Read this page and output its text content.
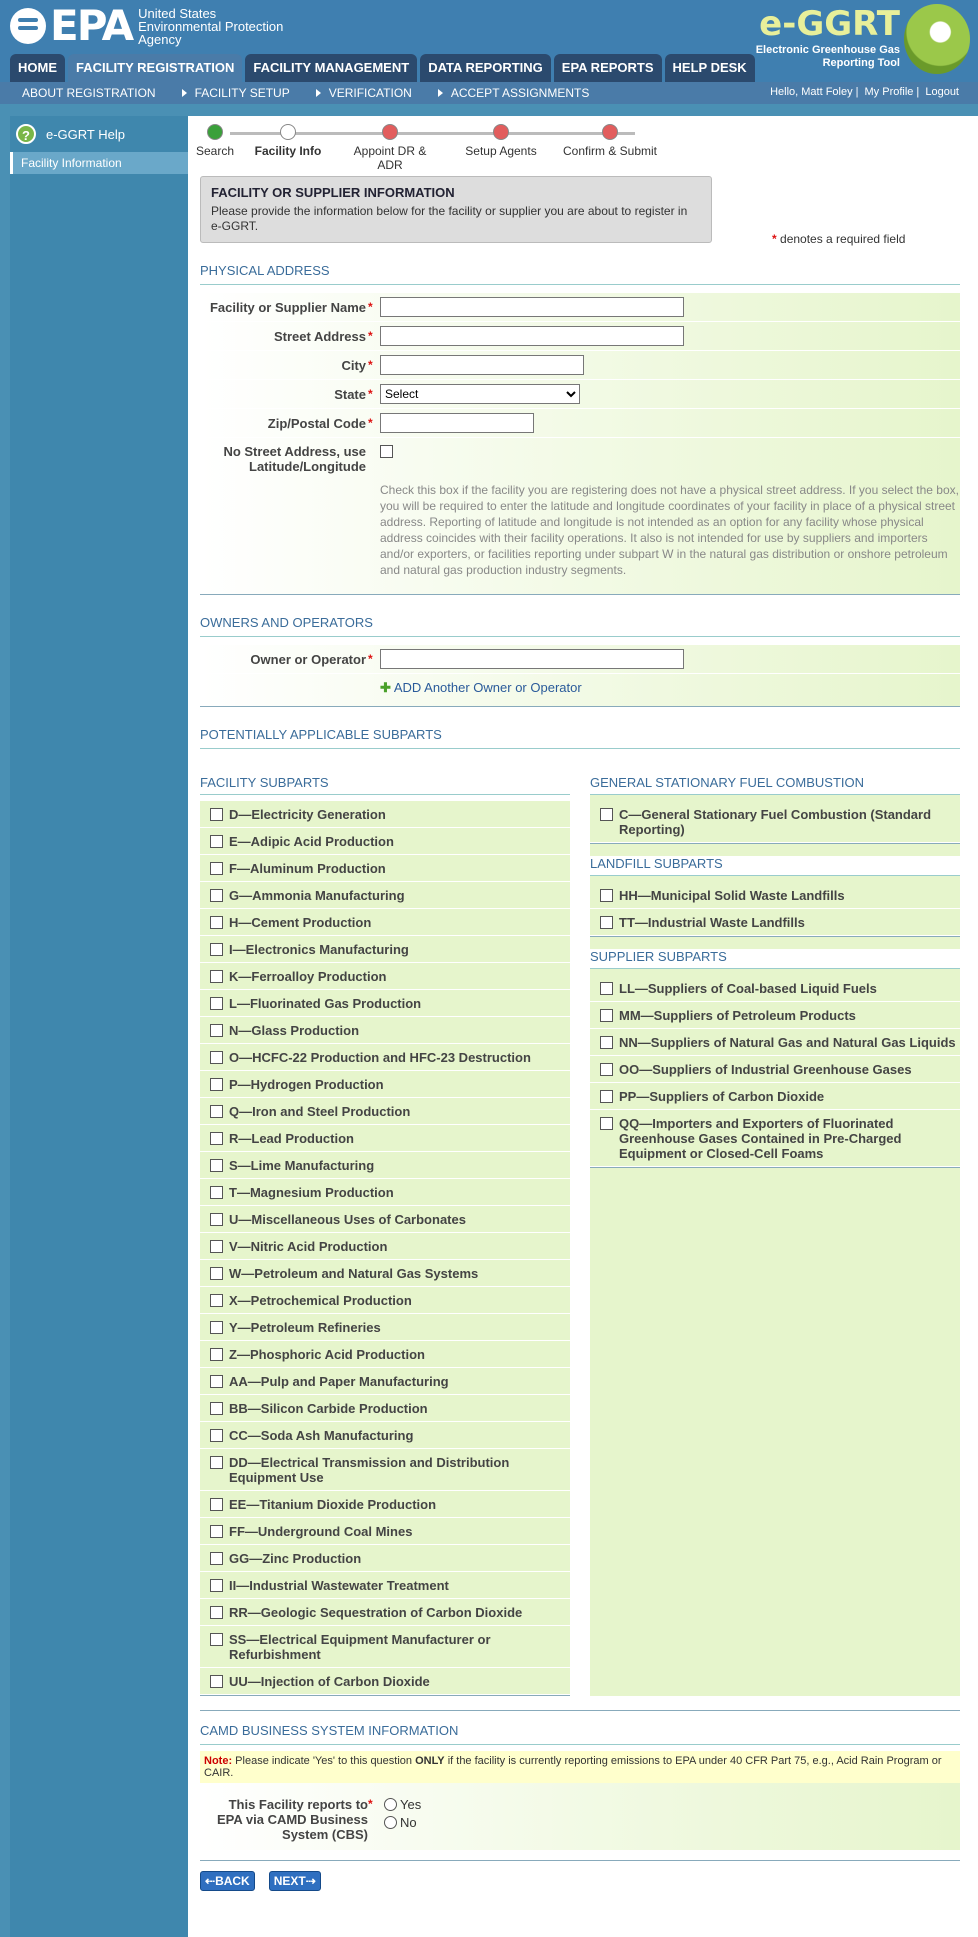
EPA United States
Environmental Protection
Agency	e-GGRT
Electronic Greenhouse Gas
Reporting Tool
HOME	FACILITY REGISTRATION	FACILITY MANAGEMENT	DATA REPORTING	EPA REPORTS	HELP DESK
ABOUT REGISTRATION	FACILITY SETUP	VERIFICATION	ACCEPT ASSIGNMENTS	Hello, Matt Foley | My Profile | Logout
?	e-GGRT Help
Facility Information
Search	Facility Info	Appoint DR & ADR
Setup Agents	Confirm & Submit
FACILITY OR SUPPLIER INFORMATION
Please provide the information below for the facility or supplier you are about to register in e-GGRT.
* denotes a required field
PHYSICAL ADDRESS
Facility or Supplier Name *
Street Address *
City *
State *
Select
Zip/Postal Code *
No Street Address, use Latitude/Longitude
Check this box if the facility you are registering does not have a physical street address. If you select the box, you will be required to enter the latitude and longitude coordinates of your facility in place of a physical street address. Reporting of latitude and longitude is not intended as an option for any facility whose physical address coincides with their facility operations. It also is not intended for use by suppliers and importers and/or exporters, or facilities reporting under subpart W in the natural gas distribution or onshore petroleum and natural gas production industry segments.
OWNERS AND OPERATORS
Owner or Operator *
✚ ADD Another Owner or Operator
POTENTIALLY APPLICABLE SUBPARTS
FACILITY SUBPARTS
D—Electricity Generation
E—Adipic Acid Production
F—Aluminum Production
G—Ammonia Manufacturing
H—Cement Production
I—Electronics Manufacturing
K—Ferroalloy Production
L—Fluorinated Gas Production
N—Glass Production
O—HCFC-22 Production and HFC-23 Destruction
P—Hydrogen Production
Q—Iron and Steel Production
R—Lead Production
S—Lime Manufacturing
T—Magnesium Production
U—Miscellaneous Uses of Carbonates
V—Nitric Acid Production
W—Petroleum and Natural Gas Systems
X—Petrochemical Production
Y—Petroleum Refineries
Z—Phosphoric Acid Production
AA—Pulp and Paper Manufacturing
BB—Silicon Carbide Production
CC—Soda Ash Manufacturing
DD—Electrical Transmission and Distribution Equipment Use
EE—Titanium Dioxide Production
FF—Underground Coal Mines
GG—Zinc Production
II—Industrial Wastewater Treatment
RR—Geologic Sequestration of Carbon Dioxide
SS—Electrical Equipment Manufacturer or Refurbishment
UU—Injection of Carbon Dioxide
GENERAL STATIONARY FUEL COMBUSTION
C—General Stationary Fuel Combustion (Standard Reporting)
LANDFILL SUBPARTS
HH—Municipal Solid Waste Landfills
TT—Industrial Waste Landfills
SUPPLIER SUBPARTS
LL—Suppliers of Coal-based Liquid Fuels
MM—Suppliers of Petroleum Products
NN—Suppliers of Natural Gas and Natural Gas Liquids
OO—Suppliers of Industrial Greenhouse Gases
PP—Suppliers of Carbon Dioxide
QQ—Importers and Exporters of Fluorinated Greenhouse Gases Contained in Pre-Charged Equipment or Closed-Cell Foams
CAMD BUSINESS SYSTEM INFORMATION
Note: Please indicate 'Yes' to this question ONLY if the facility is currently reporting emissions to EPA under 40 CFR Part 75, e.g., Acid Rain Program or CAIR.
This Facility reports to EPA via CAMD Business System (CBS)
*	Yes
No
⇠BACK	NEXT⇢
